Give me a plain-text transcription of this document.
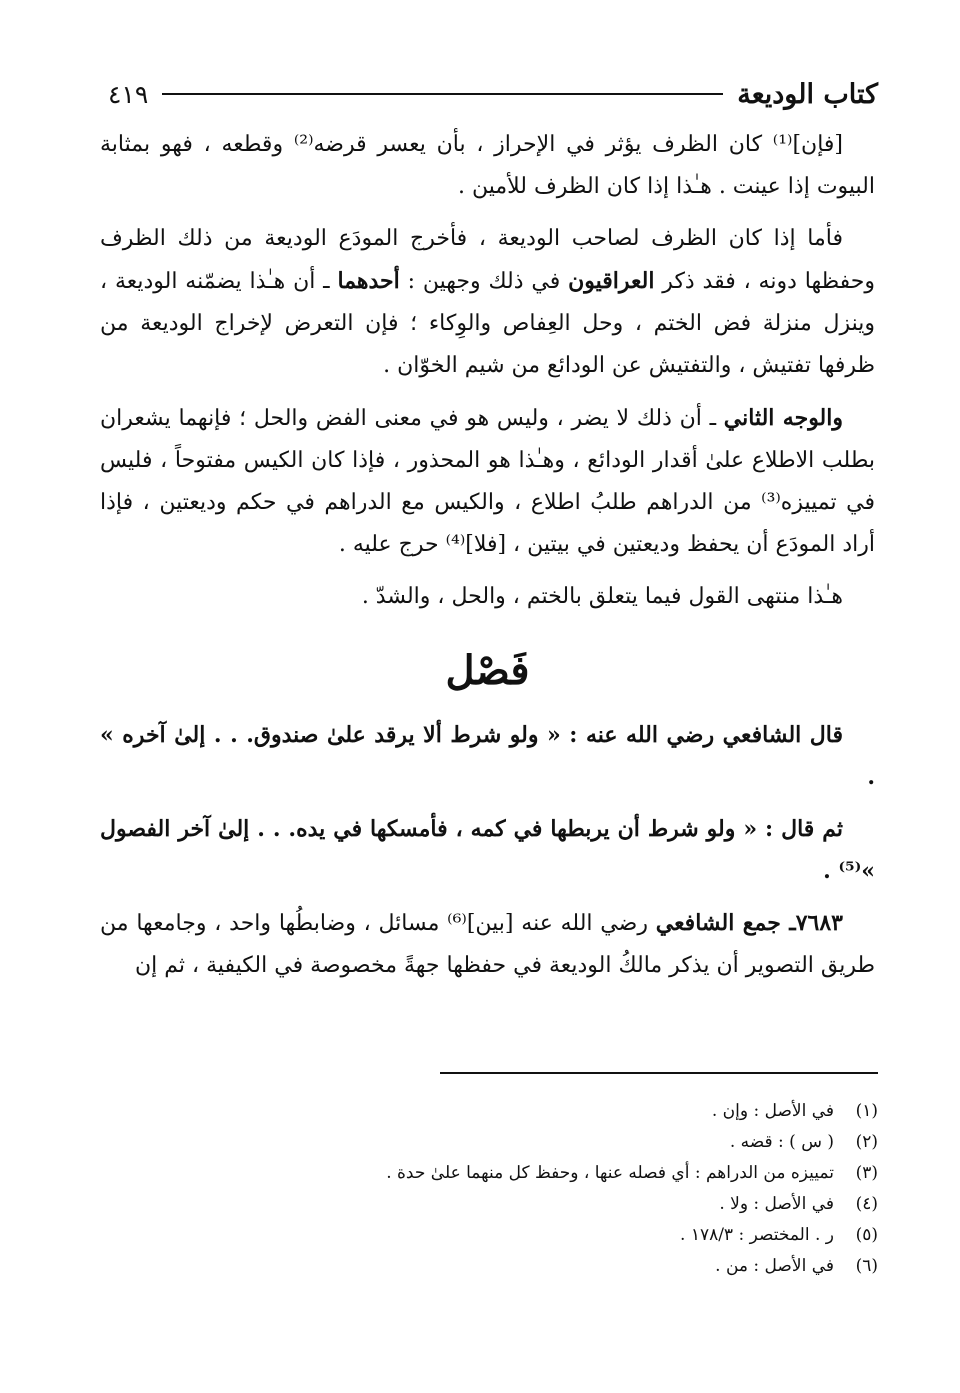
كتاب الوديعة
٤١٩

[فإن]⁽¹⁾ كان الظرف يؤثر في الإحراز ، بأن يعسر قرضه⁽²⁾ وقطعه ، فهو بمثابة البيوت إذا عينت . هـٰذا إذا كان الظرف للأمين .

فأما إذا كان الظرف لصاحب الوديعة ، فأخرج المودَع الوديعة من ذلك الظرف وحفظها دونه ، فقد ذكر العراقيون في ذلك وجهين : أحدهما ـ أن هـٰذا يضمّنه الوديعة ، وينزل منزلة فض الختم ، وحل العِفاص والوِكاء ؛ فإن التعرض لإخراج الوديعة من ظرفها تفتيش ، والتفتيش عن الودائع من شيم الخوّان .

والوجه الثاني ـ أن ذلك لا يضر ، وليس هو في معنى الفض والحل ؛ فإنهما يشعران بطلب الاطلاع علىٰ أقدار الودائع ، وهـٰذا هو المحذور ، فإذا كان الكيس مفتوحاً ، فليس في تمييزه⁽³⁾ من الدراهم طلبُ اطلاع ، والكيس مع الدراهم في حكم وديعتين ، فإذا أراد المودَع أن يحفظ وديعتين في بيتين ، [فلا]⁽⁴⁾ حرج عليه .

هـٰذا منتهى القول فيما يتعلق بالختم ، والحل ، والشدّ .

فَصْل

قال الشافعي رضي الله عنه : « ولو شرط ألا يرقد علىٰ صندوق. . . إلىٰ آخره » .

ثم قال : « ولو شرط أن يربطها في كمه ، فأمسكها في يده. . . إلىٰ آخر الفصول »⁽⁵⁾ .

٧٦٨٣ـ جمع الشافعي رضي الله عنه [بين]⁽⁶⁾ مسائل ، وضابطُها واحد ، وجامعها من طريق التصوير أن يذكر مالكُ الوديعة في حفظها جهةً مخصوصة في الكيفية ، ثم إن

(١)
في الأصل : وإن .
(٢)
( س ) : قضه .
(٣)
تمييزه من الدراهم : أي فصله عنها ، وحفظ كل منهما علىٰ حدة .
(٤)
في الأصل : ولا .
(٥)
ر . المختصر : ١٧٨/٣ .
(٦)
في الأصل : من .
